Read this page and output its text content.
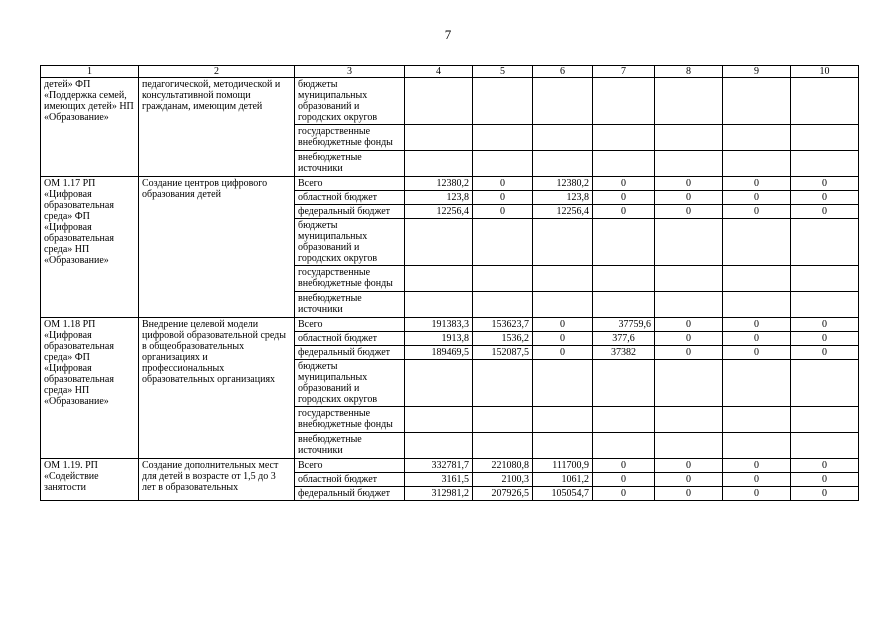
7
1	2	3	4	5	6	7	8	9	10
детей» ФП «Поддержка семей, имеющих детей» НП «Образование»	педагогической, методической и консультативной помощи гражданам, имеющим детей	бюджеты муниципальных образований и городских округов							
		государственные внебюджетные фонды							
		внебюджетные источники							
ОМ 1.17 РП «Цифровая образовательная среда» ФП «Цифровая образовательная среда» НП «Образование»	Создание центров цифрового образования детей	Всего	12380,2	0	12380,2	0	0	0	0
		областной бюджет	123,8	0	123,8	0	0	0	0
		федеральный бюджет	12256,4	0	12256,4	0	0	0	0
		бюджеты муниципальных образований и городских округов							
		государственные внебюджетные фонды							
		внебюджетные источники							
ОМ 1.18 РП «Цифровая образовательная среда» ФП «Цифровая образовательная среда» НП «Образование»	Внедрение целевой модели цифровой образовательной среды в общеобразовательных организациях и профессиональных образовательных организациях	Всего	191383,3	153623,7	0	37759,6	0	0	0
		областной бюджет	1913,8	1536,2	0	377,6	0	0	0
		федеральный бюджет	189469,5	152087,5	0	37382	0	0	0
		бюджеты муниципальных образований и городских округов							
		государственные внебюджетные фонды							
		внебюджетные источники							
ОМ 1.19. РП «Содействие занятости	Создание дополнительных мест для детей в возрасте от 1,5 до 3 лет в образовательных	Всего	332781,7	221080,8	111700,9	0	0	0	0
		областной бюджет	3161,5	2100,3	1061,2	0	0	0	0
		федеральный бюджет	312981,2	207926,5	105054,7	0	0	0	0
